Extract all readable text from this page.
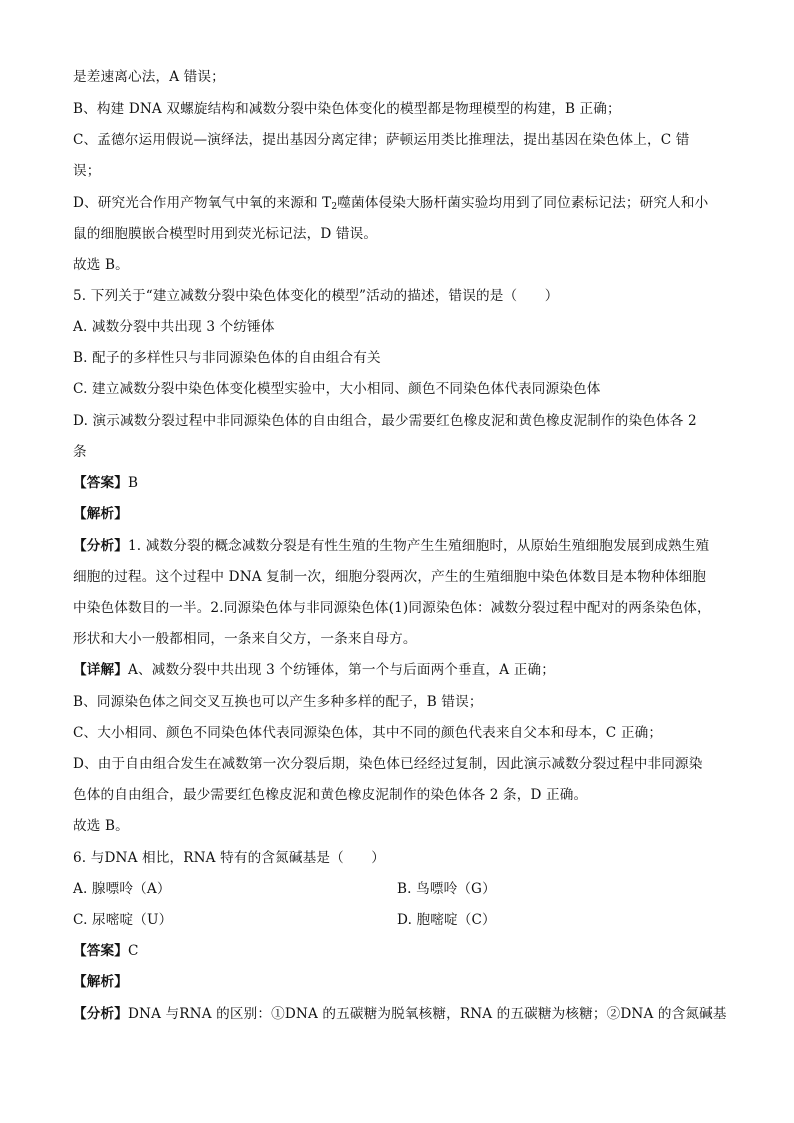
是差速离心法，A 错误；

B、构建 DNA 双螺旋结构和减数分裂中染色体变化的模型都是物理模型的构建，B 正确；

C、孟德尔运用假说—演绎法，提出基因分离定律；萨顿运用类比推理法，提出基因在染色体上，C 错

误；

D、研究光合作用产物氧气中氧的来源和 $T_2$噬菌体侵染大肠杆菌实验均用到了同位素标记法；研究人和小

鼠的细胞膜嵌合模型时用到荧光标记法，D 错误。

故选 B。

5. 下列关于“建立减数分裂中染色体变化的模型”活动的描述，错误的是（　　）

A. 减数分裂中共出现 3 个纺锤体

B. 配子的多样性只与非同源染色体的自由组合有关

C. 建立减数分裂中染色体变化模型实验中，大小相同、颜色不同染色体代表同源染色体

D. 演示减数分裂过程中非同源染色体的自由组合，最少需要红色橡皮泥和黄色橡皮泥制作的染色体各 2

条

【答案】B

【解析】

【分析】1. 减数分裂的概念减数分裂是有性生殖的生物产生生殖细胞时，从原始生殖细胞发展到成熟生殖

细胞的过程。这个过程中 DNA 复制一次，细胞分裂两次，产生的生殖细胞中染色体数目是本物种体细胞

中染色体数目的一半。2.同源染色体与非同源染色体(1)同源染色体：减数分裂过程中配对的两条染色体，

形状和大小一般都相同，一条来自父方，一条来自母方。

【详解】A、减数分裂中共出现 3 个纺锤体，第一个与后面两个垂直，A 正确；

B、同源染色体之间交叉互换也可以产生多种多样的配子，B 错误；

C、大小相同、颜色不同染色体代表同源染色体，其中不同的颜色代表来自父本和母本，C 正确；

D、由于自由组合发生在减数第一次分裂后期，染色体已经经过复制，因此演示减数分裂过程中非同源染

色体的自由组合，最少需要红色橡皮泥和黄色橡皮泥制作的染色体各 2 条，D 正确。

故选 B。

6. 与DNA 相比，RNA 特有的含氮碱基是（　　）

A. 腺嘌呤（A）	B. 鸟嘌呤（G）
C. 尿嘧啶（U）	D. 胞嘧啶（C）

【答案】C

【解析】

【分析】DNA 与RNA 的区别：①DNA 的五碳糖为脱氧核糖，RNA 的五碳糖为核糖；②DNA 的含氮碱基
